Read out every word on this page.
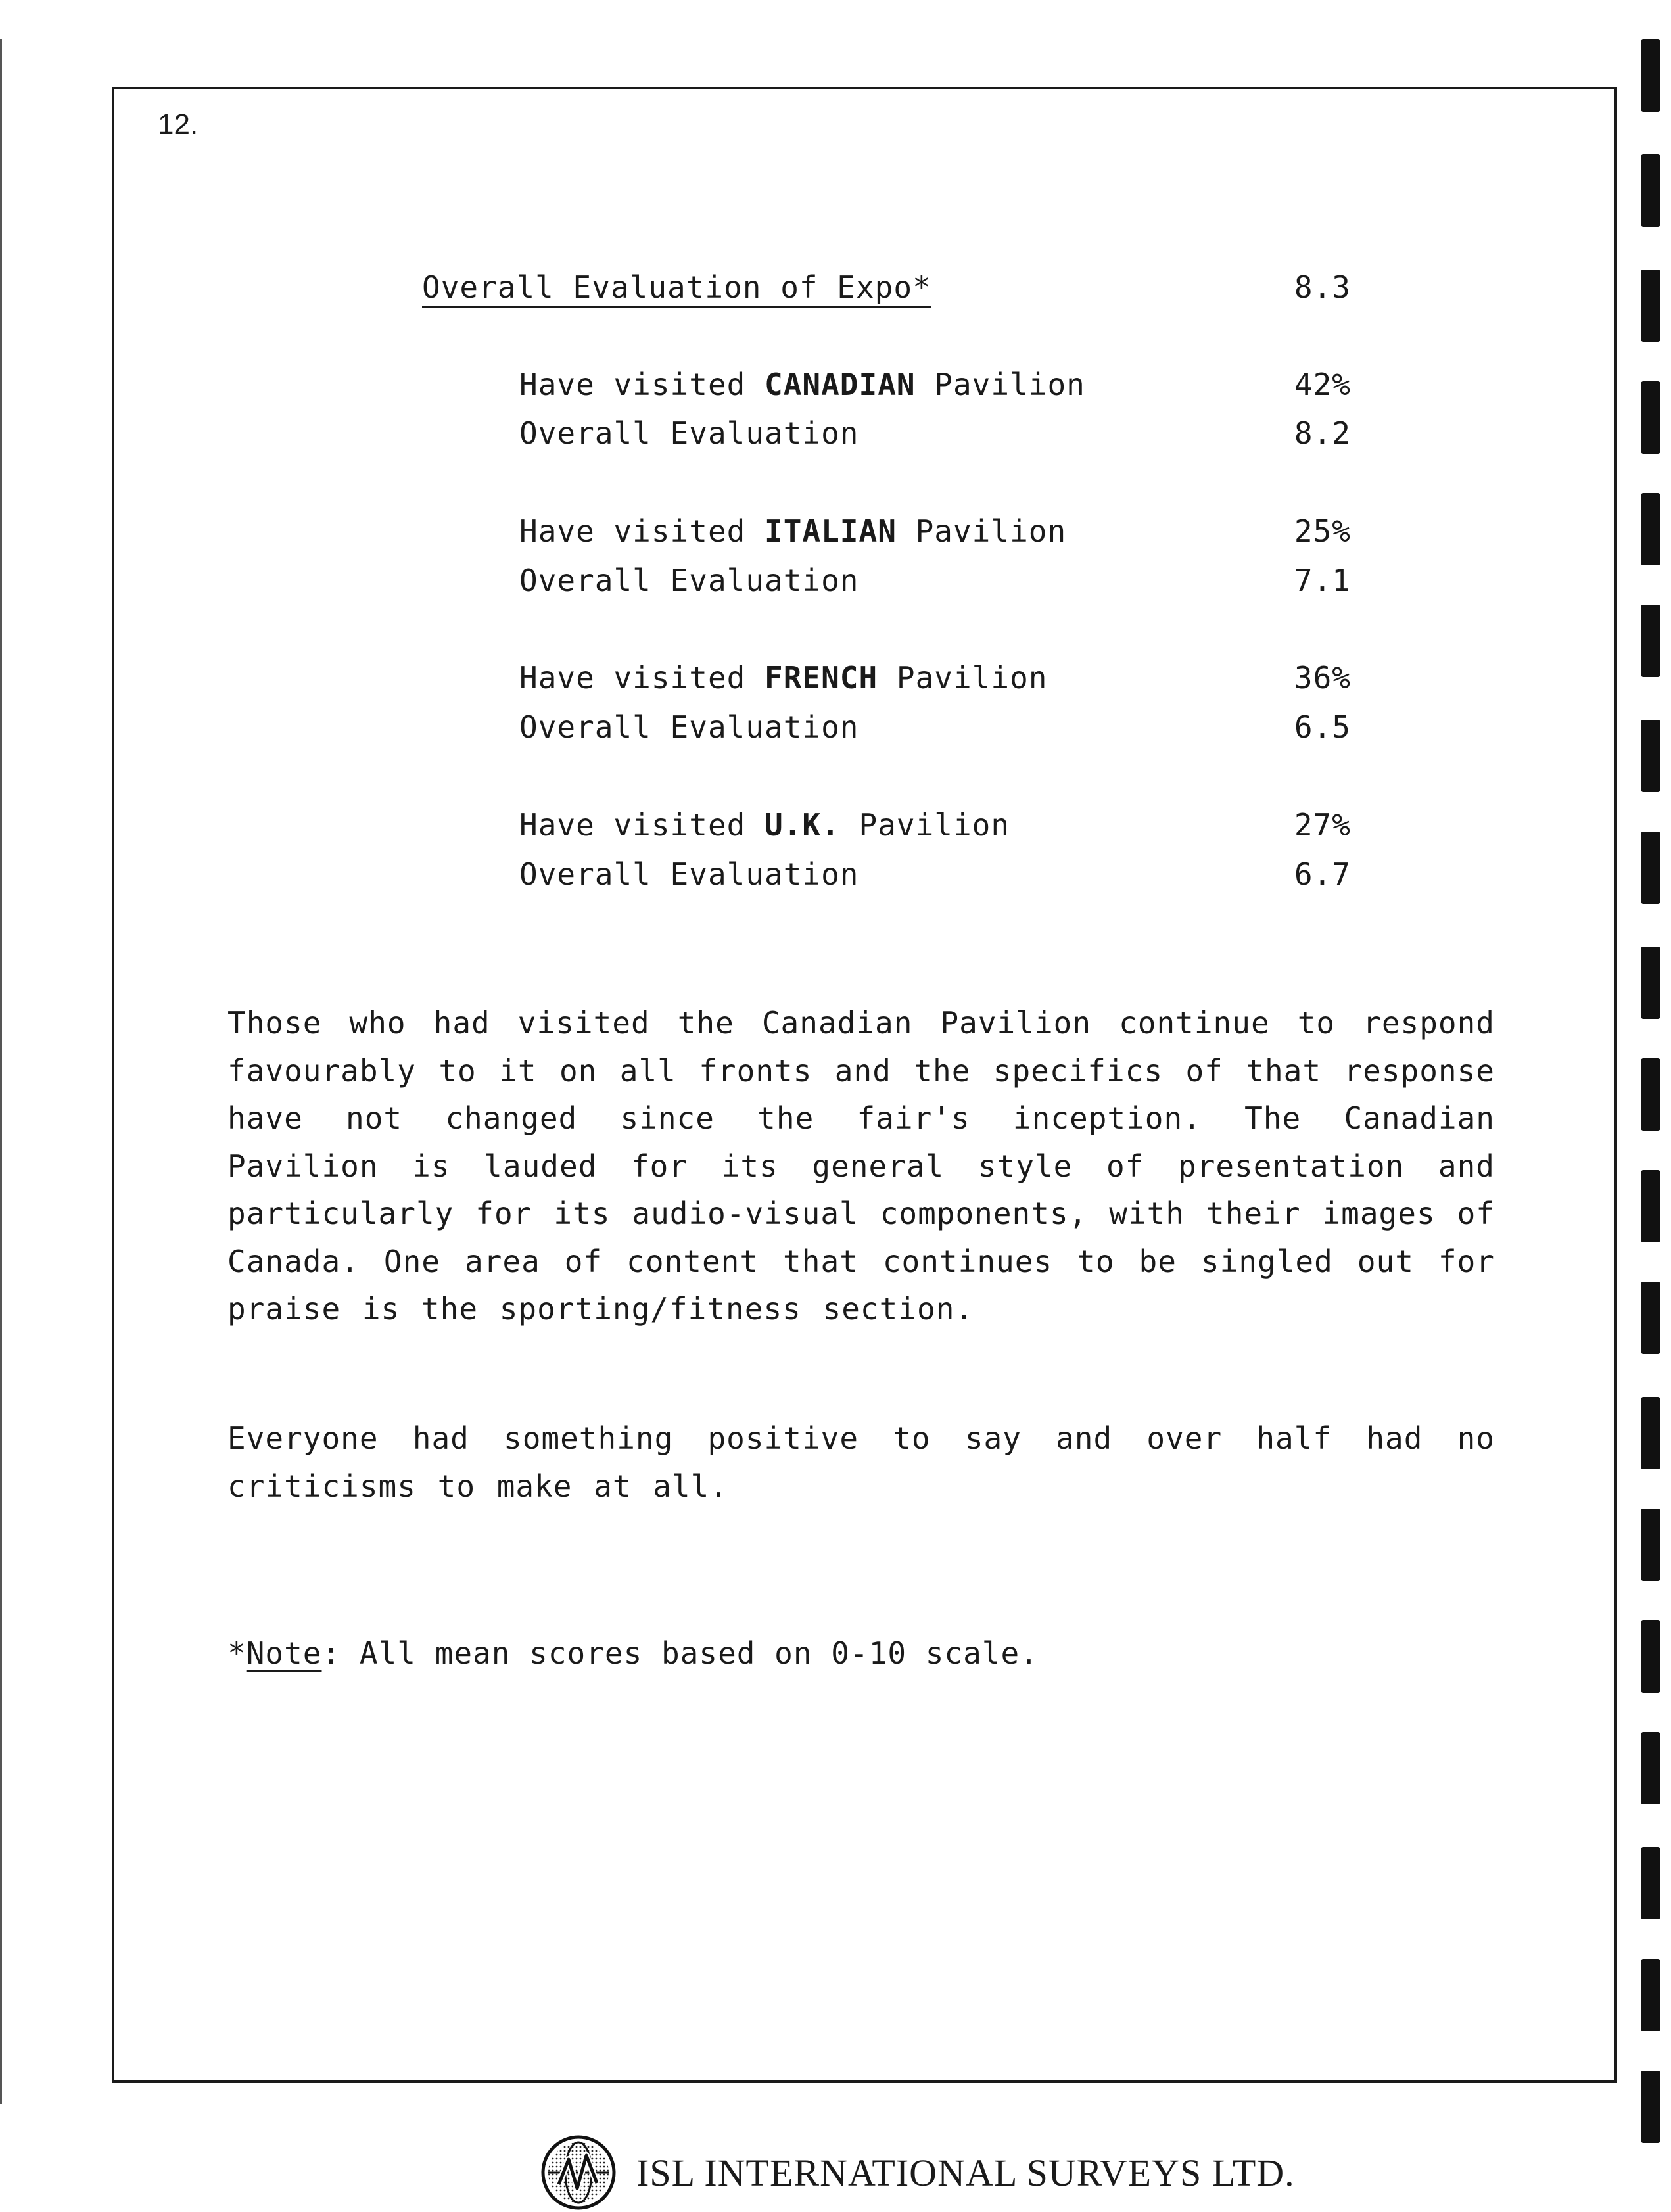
12.
Overall Evaluation of Expo*	8.3
Have visited CANADIAN Pavilion	42%
Overall Evaluation	8.2
Have visited ITALIAN Pavilion	25%
Overall Evaluation	7.1
Have visited FRENCH Pavilion	36%
Overall Evaluation	6.5
Have visited U.K. Pavilion	27%
Overall Evaluation	6.7
Those who had visited the Canadian Pavilion continue to respond favourably to it on all fronts and the specifics of that response have not changed since the fair's inception. The Canadian Pavilion is lauded for its general style of presentation and particularly for its audio-visual components, with their images of Canada. One area of content that continues to be singled out for praise is the sporting/fitness section.
Everyone had something positive to say and over half had no criticisms to make at all.
*Note: All mean scores based on 0-10 scale.
ISL INTERNATIONAL SURVEYS LTD.
